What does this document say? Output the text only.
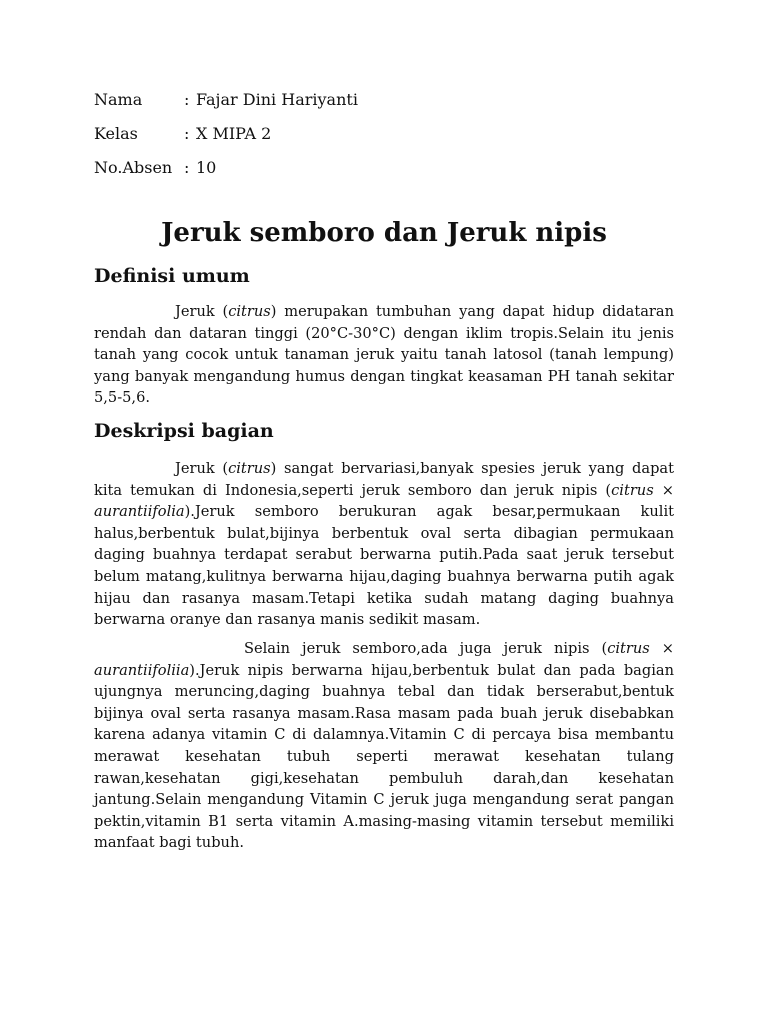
Nama	: Fajar Dini Hariyanti
Kelas	: X MIPA 2
No.Absen : 10
Jeruk semboro dan Jeruk nipis
Definisi umum

Jeruk (citrus) merupakan tumbuhan yang dapat hidup didataran rendah dan dataran tinggi (20°C-30°C) dengan iklim tropis.Selain itu jenis tanah yang cocok untuk tanaman jeruk yaitu tanah latosol (tanah lempung) yang banyak mengandung humus dengan tingkat keasaman PH tanah sekitar 5,5-5,6.

Deskripsi bagian

Jeruk (citrus) sangat bervariasi,banyak spesies jeruk yang dapat kita temukan di Indonesia,seperti jeruk semboro dan jeruk nipis (citrus × aurantiifolia).Jeruk semboro berukuran agak besar,permukaan kulit halus,berbentuk bulat,bijinya berbentuk oval serta dibagian permukaan daging buahnya terdapat serabut berwarna putih.Pada saat jeruk tersebut belum matang,kulitnya berwarna hijau,daging buahnya berwarna putih agak hijau dan rasanya masam.Tetapi ketika sudah matang daging buahnya berwarna oranye dan rasanya manis sedikit masam.

Selain jeruk semboro,ada juga jeruk nipis (citrus × aurantiifoliia).Jeruk nipis berwarna hijau,berbentuk bulat dan pada bagian ujungnya meruncing,daging buahnya tebal dan tidak berserabut,bentuk bijinya oval serta rasanya masam.Rasa masam pada buah jeruk disebabkan karena adanya vitamin C di dalamnya.Vitamin C di percaya bisa membantu merawat kesehatan tubuh seperti merawat kesehatan tulang rawan,kesehatan gigi,kesehatan pembuluh darah,dan kesehatan jantung.Selain mengandung Vitamin C jeruk juga mengandung serat pangan pektin,vitamin B1 serta vitamin A.masing-masing vitamin tersebut memiliki manfaat bagi tubuh.
